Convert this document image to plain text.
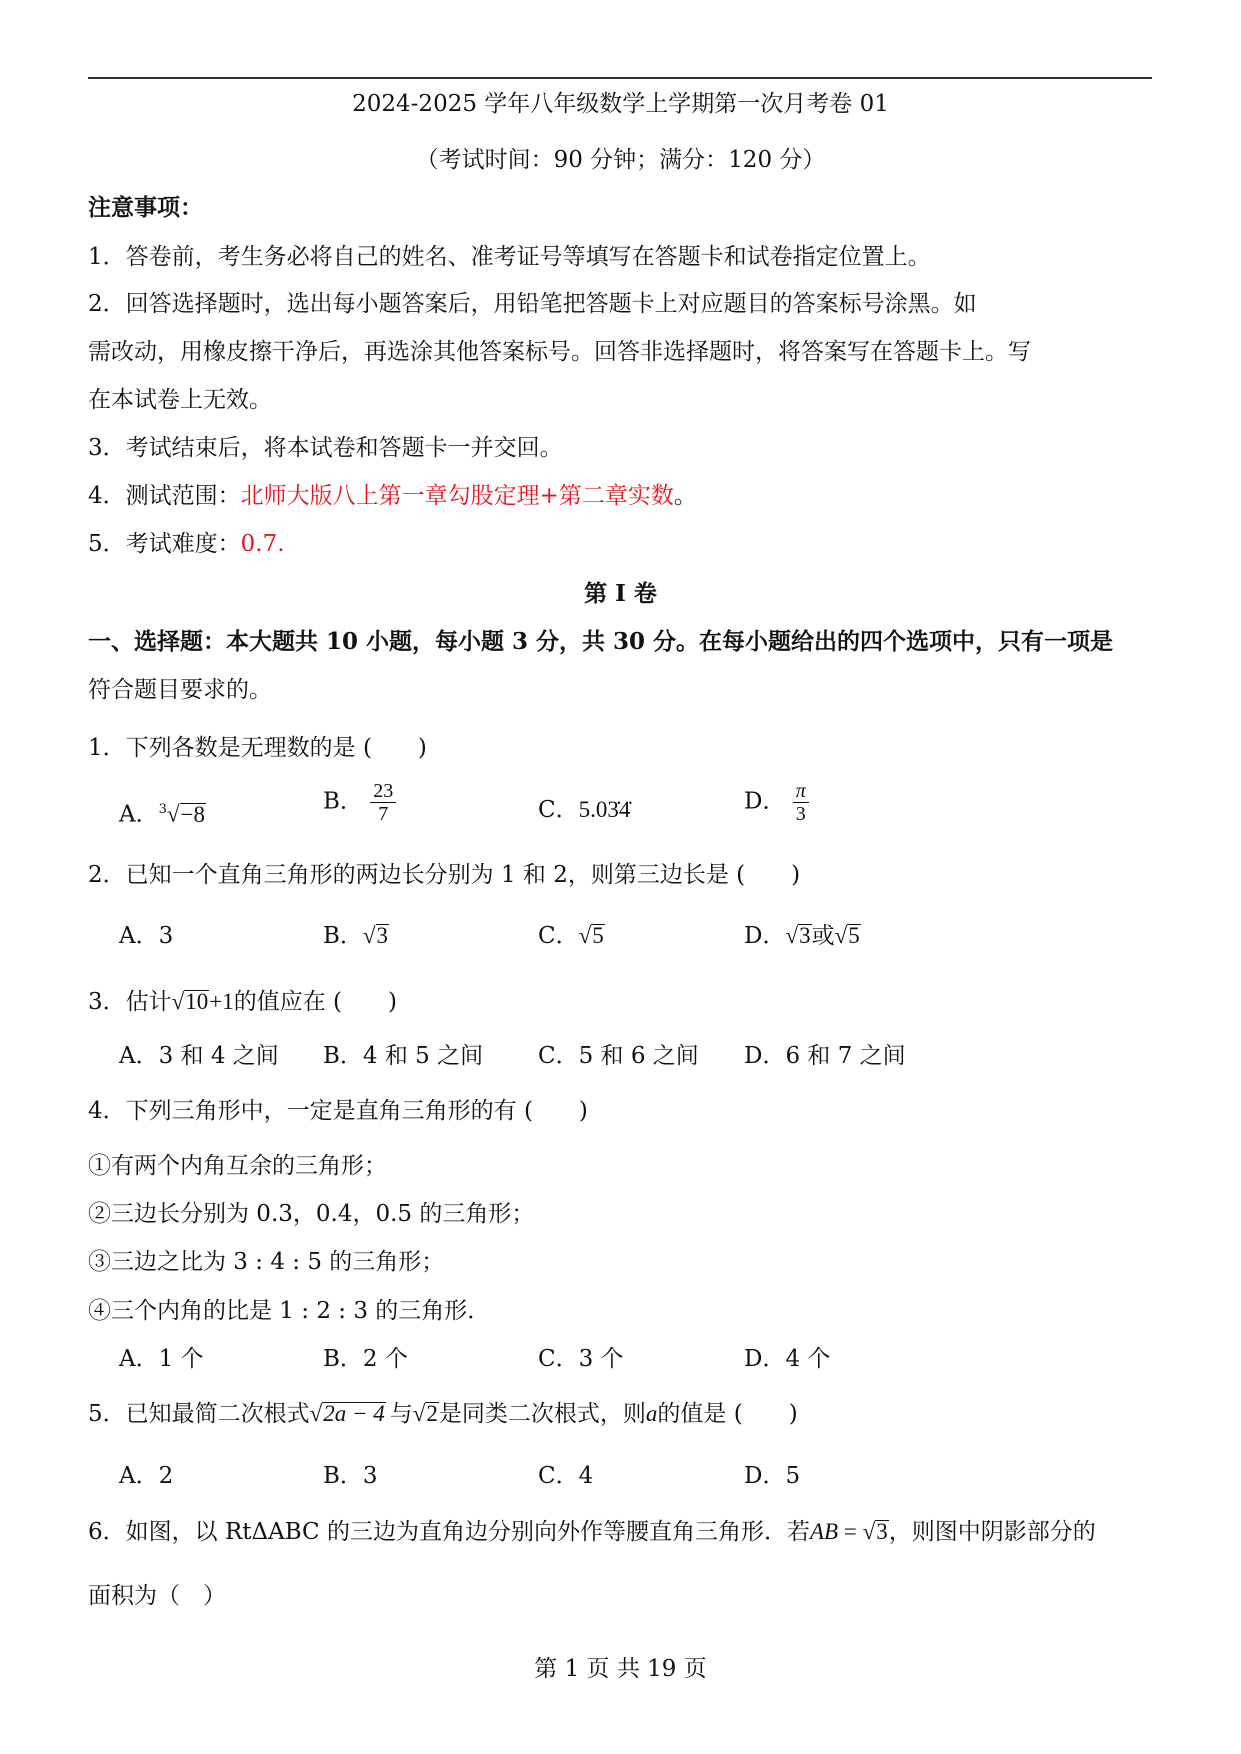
2024-2025 学年八年级数学上学期第一次月考卷 01
（考试时间：90 分钟；满分：120 分）
注意事项：
1．答卷前，考生务必将自己的姓名、准考证号等填写在答题卡和试卷指定位置上。
2．回答选择题时，选出每小题答案后，用铅笔把答题卡上对应题目的答案标号涂黑。如
需改动，用橡皮擦干净后，再选涂其他答案标号。回答非选择题时，将答案写在答题卡上。写
在本试卷上无效。
3．考试结束后，将本试卷和答题卡一并交回。
4．测试范围：北师大版八上第一章勾股定理+第二章实数。
5．考试难度：0.7.
第 Ⅰ 卷
一、选择题：本大题共 10 小题，每小题 3 分，共 30 分。在每小题给出的四个选项中，只有一项是
符合题目要求的。
1．下列各数是无理数的是 (　　)
A．$^3$√−8	B． $\frac{23}{7}$	C．5.03̇4̇	D． $\frac{\pi}{3}$
2．已知一个直角三角形的两边长分别为 1 和 2，则第三边长是 (　　)
A．3	B．√3	C．√5	D．√3或√5
3．估计√10+1的值应在 (　　)
A．3 和 4 之间 B．4 和 5 之间 C．5 和 6 之间 D．6 和 7 之间
4．下列三角形中，一定是直角三角形的有 (　　)
①有两个内角互余的三角形；
②三边长分别为 0.3，0.4，0.5 的三角形；
③三边之比为 3 : 4 : 5 的三角形；
④三个内角的比是 1 : 2 : 3 的三角形．
A．1 个	B．2 个	C．3 个	D．4 个
5．已知最简二次根式√2a − 4 与√2是同类二次根式，则a的值是 (　　)
A．2	B．3	C．4	D．5
6．如图，以 RtΔABC 的三边为直角边分别向外作等腰直角三角形．若AB = √3，则图中阴影部分的
面积为（　）
第 1 页 共 19 页
